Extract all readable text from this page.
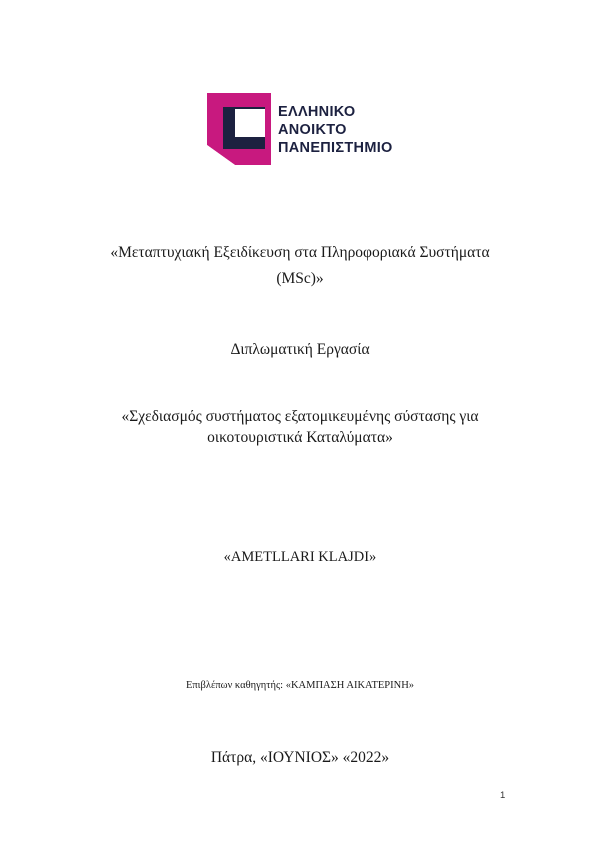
ΕΛΛΗΝΙΚΟ
ΑΝΟΙΚΤΟ
ΠΑΝΕΠΙΣΤΗΜΙΟ
«Μεταπτυχιακή Εξειδίκευση στα Πληροφοριακά Συστήματα
(MSc)»
Διπλωματική Εργασία
«Σχεδιασμός συστήματος εξατομικευμένης σύστασης για
οικοτουριστικά Καταλύματα»
«AMETLLARI KLAJDI»
Επιβλέπων καθηγητής: «ΚΑΜΠΑΣΗ ΑΙΚΑΤΕΡΙΝΗ»
Πάτρα, «ΙΟΥΝΙΟΣ» «2022»
1
